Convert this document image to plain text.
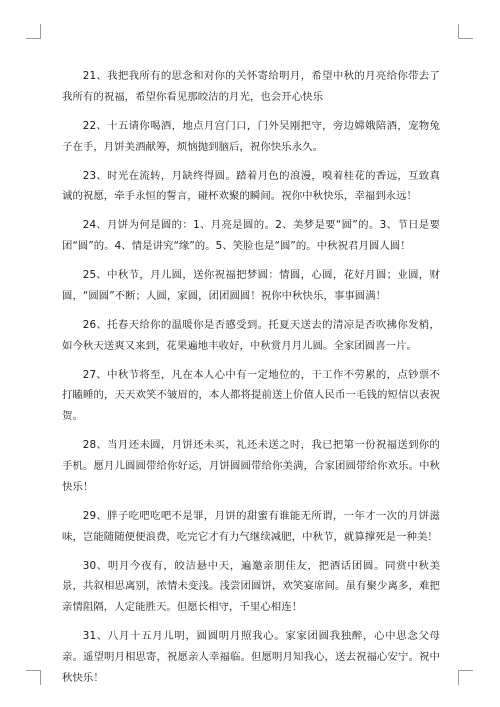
21、我把我所有的思念和对你的关怀寄给明月，希望中秋的月亮给你带去了我所有的祝福，希望你看见那皎洁的月光，也会开心快乐

22、十五请你喝酒，地点月宫门口，门外吴刚把守，旁边嫦娥陪酒，宠物兔子在手，月饼美酒献筹，烦恼抛到脑后，祝你快乐永久。

23、时光在流转，月缺终得圆。踏着月色的浪漫，嗅着桂花的香远，互致真诚的祝愿，牵手永恒的誓言，碰杯欢聚的瞬间。祝你中秋快乐，幸福到永远！

24、月饼为何是圆的：1、月亮是圆的。2、美梦是要“圆”的。3、节日是要团“圆”的。4、情是讲究“缘”的。5、笑脸也是“圆”的。中秋祝君月圆人圆！

25、中秋节，月儿圆，送你祝福把梦圆：情圆，心圆，花好月圆；业圆，财圆，“圆圆”不断；人圆，家圆，团团圆圆！祝你中秋快乐，事事圆满！

26、托春天给你的温暖你是否感受到。托夏天送去的清凉是否吹拂你发梢，如今秋天送爽又来到，花果遍地丰收好，中秋赏月月儿圆。全家团圆喜一片。

27、中秋节将至，凡在本人心中有一定地位的，干工作不劳累的，点钞票不打瞌睡的，天天欢笑不皱眉的，本人都将提前送上价值人民币一毛钱的短信以表祝贺。

28、当月还未圆，月饼还未买，礼还未送之时，我已把第一份祝福送到你的手机。愿月儿圆圆带给你好运，月饼圆圆带给你美满，合家团圆带给你欢乐。中秋快乐！

29、胖子吃吧吃吧不是罪，月饼的甜蜜有谁能无所谓，一年才一次的月饼滋味，岂能随随便便浪费，吃完它才有力气继续减肥，中秋节，就算撑死是一种美！

30、明月今夜有，皎洁悬中天，遍邀亲朋佳友，把酒话团圆。同赏中秋美景，共叙相思离别，浓情未变浅。浅尝团圆饼，欢笑宴席间。虽有聚少离多，难把亲情阻隔，人定能胜天。但愿长相守，千里心相连！

31、八月十五月儿明，圆圆明月照我心。家家团圆我独醉，心中思念父母亲。遥望明月相思寄，祝愿亲人幸福临。但愿明月知我心，送去祝福心安宁。祝中秋快乐！
